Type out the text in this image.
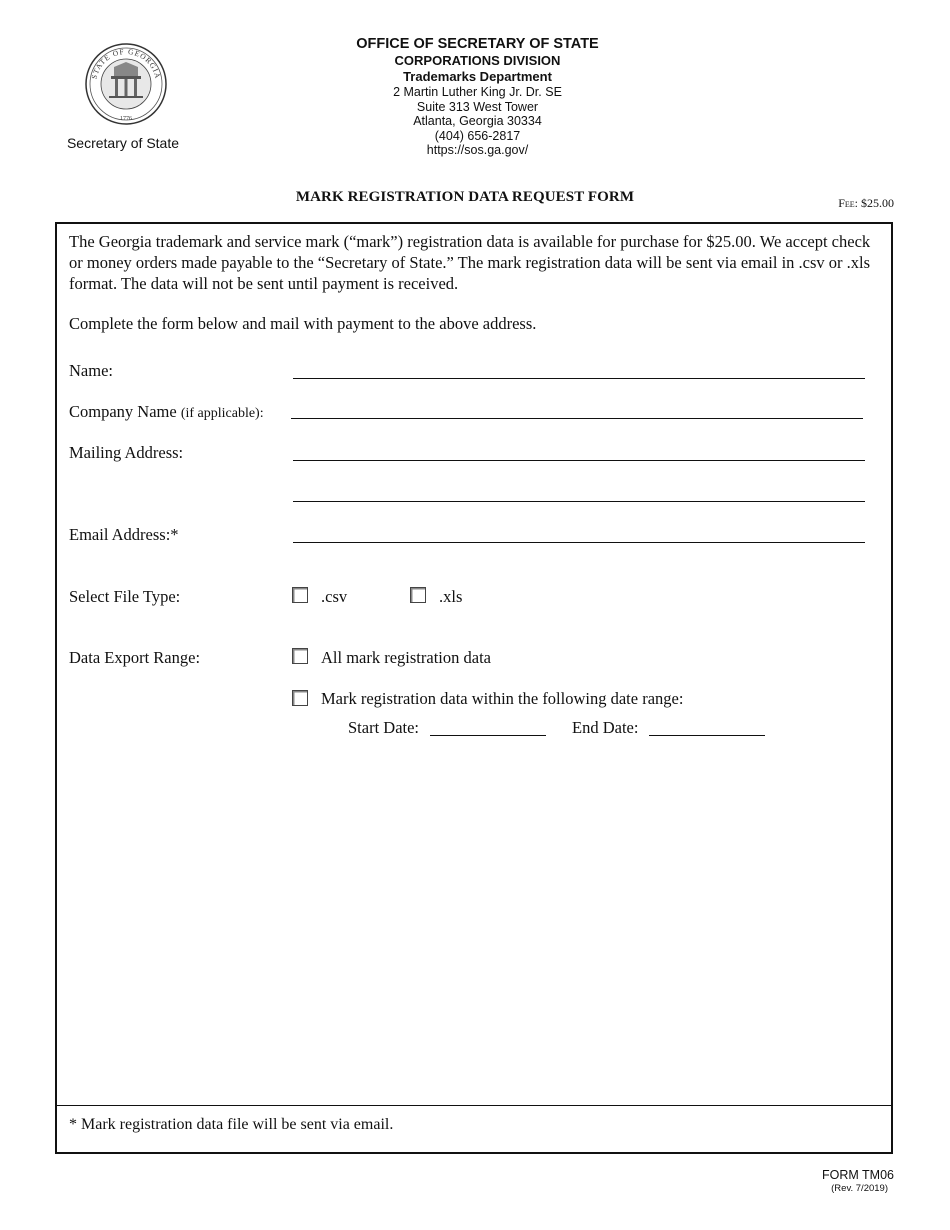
1776
STATE OF GEORGIA
Secretary of State
OFFICE OF SECRETARY OF STATE
CORPORATIONS DIVISION
Trademarks Department
2 Martin Luther King Jr. Dr. SE
Suite 313 West Tower
Atlanta, Georgia 30334
(404) 656-2817
https://sos.ga.gov/
MARK REGISTRATION DATA REQUEST FORM	Fee: $25.00
The Georgia trademark and service mark (“mark”) registration data is available for purchase for $25.00. We accept check or money orders made payable to the “Secretary of State.” The mark registration data will be sent via email in .csv or .xls format. The data will not be sent until payment is received.
Complete the form below and mail with payment to the above address.
Name:
Company Name (if applicable):
Mailing Address:
Email Address:*
Select File Type:	.csv	.xls
Data Export Range:	All mark registration data
Mark registration data within the following date range:
Start Date:	End Date:
* Mark registration data file will be sent via email.
FORM TM06
(Rev. 7/2019)
